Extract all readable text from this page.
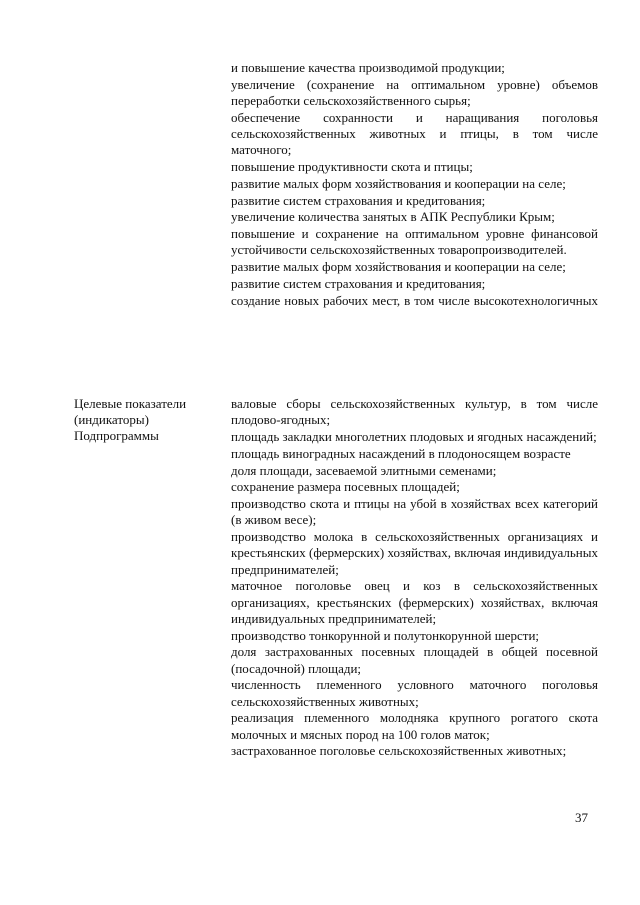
и повышение качества производимой продукции;

увеличение (сохранение на оптимальном уровне) объемов переработки сельскохозяйственного сырья;

обеспечение сохранности и наращивания поголовья сельскохозяйственных животных и птицы, в том числе маточного;

повышение продуктивности скота и птицы;

развитие малых форм хозяйствования и кооперации на селе;

развитие систем страхования и кредитования;

увеличение количества занятых в АПК Республики Крым;

повышение и сохранение на оптимальном уровне финансовой устойчивости сельскохозяйственных товаропроизводителей.

развитие малых форм хозяйствования и кооперации на селе;

развитие систем страхования и кредитования;

создание новых рабочих мест, в том числе высокотехнологичных

Целевые показатели
(индикаторы)
Подпрограммы

валовые сборы сельскохозяйственных культур, в том числе плодово-ягодных;

площадь закладки многолетних плодовых и ягодных насаждений;

площадь виноградных насаждений в плодоносящем возрасте

доля площади, засеваемой элитными семенами;

сохранение размера посевных площадей;

производство скота и птицы на убой в хозяйствах всех категорий (в живом весе);

производство молока в сельскохозяйственных организациях и крестьянских (фермерских) хозяйствах, включая индивидуальных предпринимателей;

маточное поголовье овец и коз в сельскохозяйственных организациях, крестьянских (фермерских) хозяйствах, включая индивидуальных предпринимателей;

производство тонкорунной и полутонкорунной шерсти;

доля застрахованных посевных площадей в общей посевной (посадочной) площади;

численность племенного условного маточного поголовья сельскохозяйственных животных;

реализация племенного молодняка крупного рогатого скота молочных и мясных пород на 100 голов маток;

застрахованное поголовье сельскохозяйственных животных;

37
